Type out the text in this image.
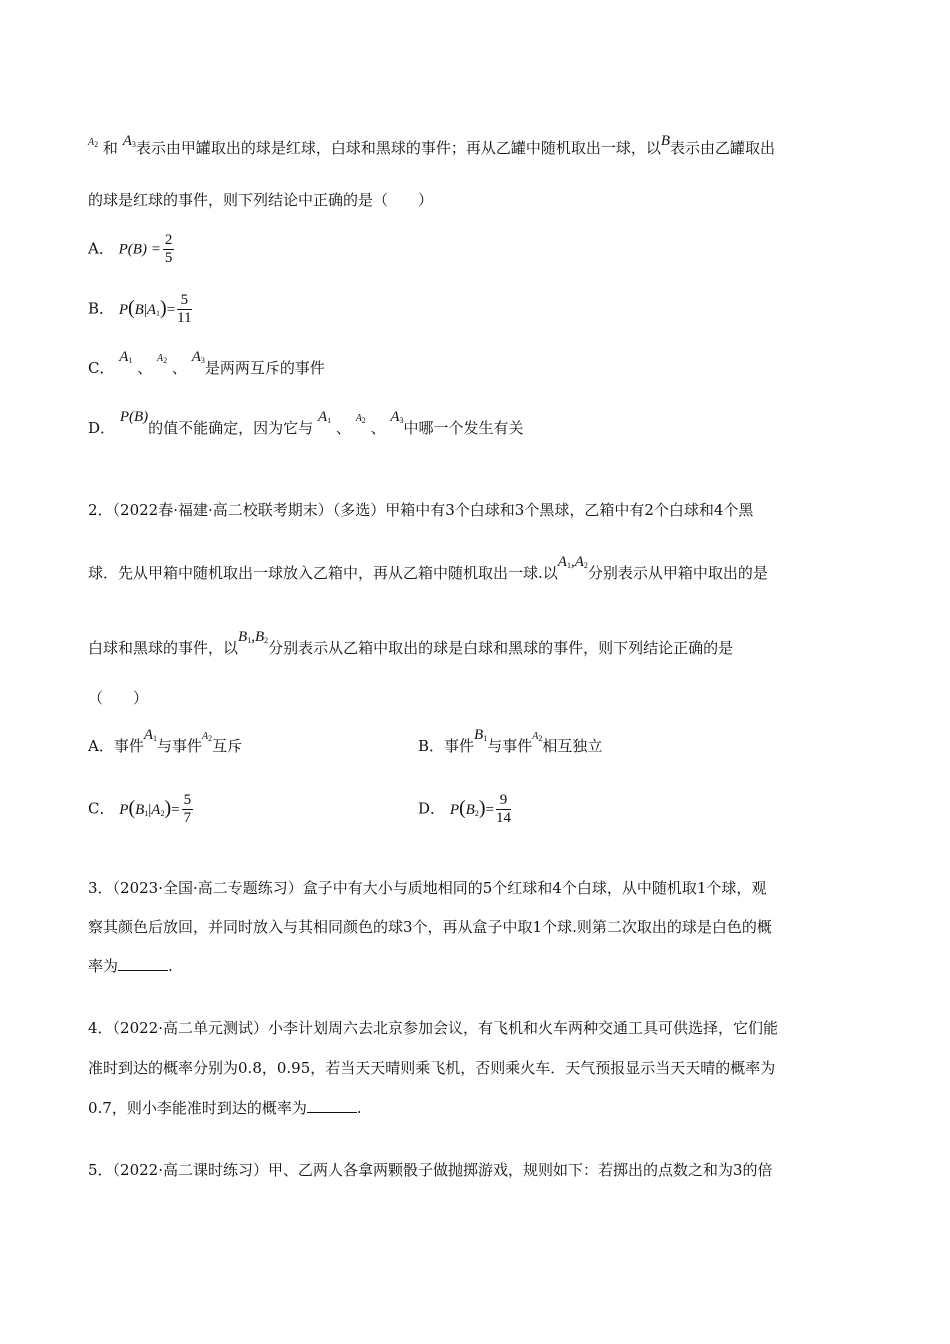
$^{A_2}$ 和 $A_3$表示由甲罐取出的球是红球，白球和黑球的事件；再从乙罐中随机取出一球，以B表示由乙罐取出
的球是红球的事件，则下列结论中正确的是（　　）
A． $P(B) = \frac{2}{5}$
B． $P(B|A_1)= \frac{5}{11}$
C． $A_1$ 、 $^{A_2}$ 、 $A_3$是两两互斥的事件
D． P(B)的值不能确定，因为它与 $A_1$ 、 $^{A_2}$ 、 $A_3$中哪一个发生有关
2．（2022春·福建·高二校联考期末）（多选）甲箱中有3个白球和3个黑球，乙箱中有2个白球和4个黑
球．先从甲箱中随机取出一球放入乙箱中，再从乙箱中随机取出一球.以$A_1,A_2$分别表示从甲箱中取出的是
白球和黑球的事件，以$B_1,B_2$分别表示从乙箱中取出的球是白球和黑球的事件，则下列结论正确的是
（　　）
A．事件$A_1$与事件$^{A_2}$互斥	B．事件$B_1$与事件$^{A_2}$相互独立
C． $P(B_1|A_2)= \frac{5}{7}$	D． $P(B_2)= \frac{9}{14}$
3．（2023·全国·高二专题练习）盒子中有大小与质地相同的5个红球和4个白球，从中随机取1个球，观
察其颜色后放回，并同时放入与其相同颜色的球3个，再从盒子中取1个球.则第二次取出的球是白色的概
率为	.
4．（2022·高二单元测试）小李计划周六去北京参加会议，有飞机和火车两种交通工具可供选择，它们能
准时到达的概率分别为0.8，0.95，若当天天晴则乘飞机，否则乘火车．天气预报显示当天天晴的概率为
0.7，则小李能准时到达的概率为	.
5．（2022·高二课时练习）甲、乙两人各拿两颗骰子做抛掷游戏，规则如下：若掷出的点数之和为3的倍
